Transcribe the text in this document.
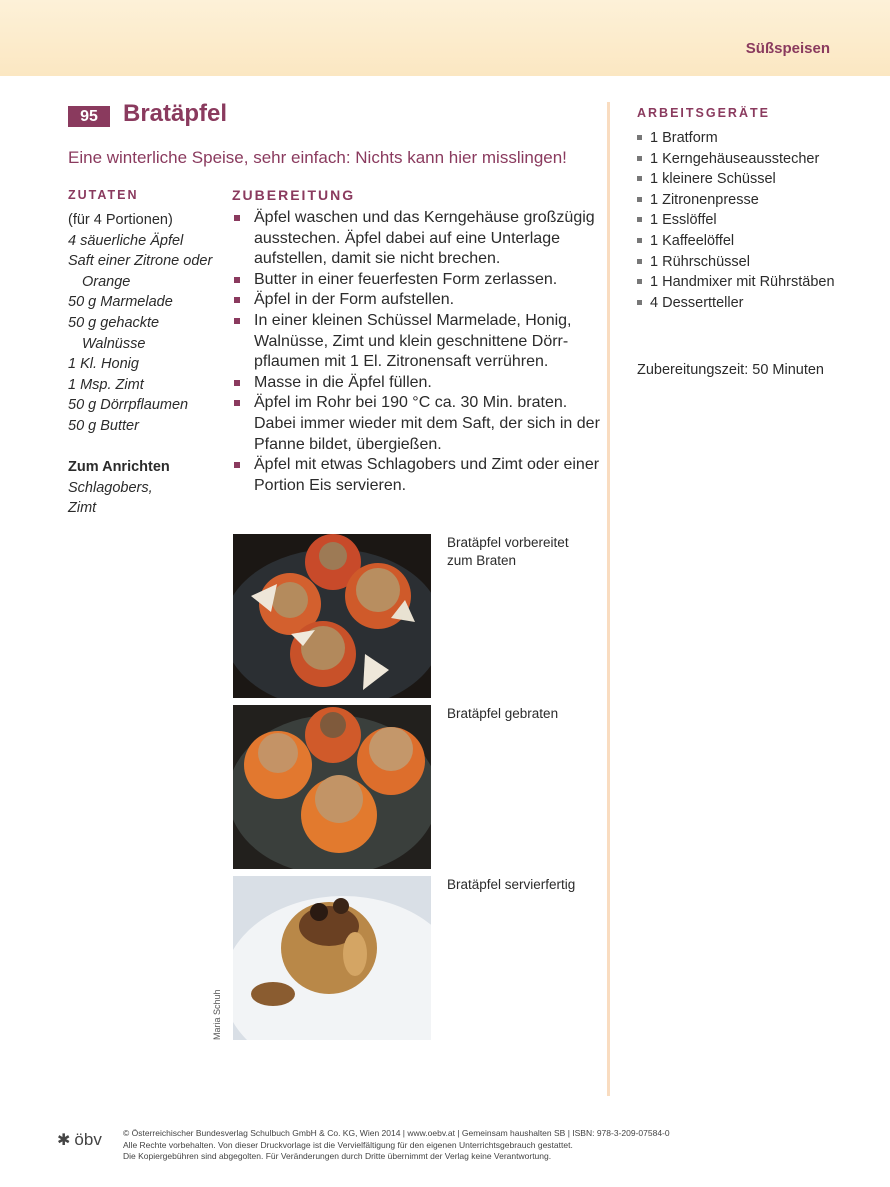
Süßspeisen
95	Bratäpfel
Eine winterliche Speise, sehr einfach: Nichts kann hier misslingen!
ZUTATEN	ZUBEREITUNG
ARBEITSGERÄTE
(für 4 Portionen)
4 säuerliche Äpfel
Saft einer Zitrone oder
Orange
50 g Marmelade
50 g gehackte
Walnüsse
1 Kl. Honig
1 Msp. Zimt
50 g Dörrpflaumen
50 g Butter
Zum Anrichten
Schlagobers,
Zimt
Äpfel waschen und das Kerngehäuse großzügig ausstechen. Äpfel dabei auf eine Unterlage aufstellen, damit sie nicht brechen.
Butter in einer feuerfesten Form zerlassen.
Äpfel in der Form aufstellen.
In einer kleinen Schüssel Marmelade, Honig, Walnüsse, Zimt und klein geschnittene Dörrpflaumen mit 1 El. Zitronensaft verrühren.
Masse in die Äpfel füllen.
Äpfel im Rohr bei 190 °C ca. 30 Min. braten. Dabei immer wieder mit dem Saft, der sich in der Pfanne bildet, übergießen.
Äpfel mit etwas Schlagobers und Zimt oder einer Portion Eis servieren.
1 Bratform
1 Kerngehäuseausstecher
1 kleinere Schüssel
1 Zitronenpresse
1 Esslöffel
1 Kaffeelöffel
1 Rührschüssel
1 Handmixer mit Rührstäben
4 Dessertteller
Zubereitungszeit: 50 Minuten
Bratäpfel vorbereitet zum Braten
Bratäpfel gebraten
Bratäpfel servierfertig
Maria Schuh
✱ öbv © Österreichischer Bundesverlag Schulbuch GmbH & Co. KG, Wien 2014 | www.oebv.at | Gemeinsam haushalten SB | ISBN: 978-3-209-07584-0
Alle Rechte vorbehalten. Von dieser Druckvorlage ist die Vervielfältigung für den eigenen Unterrichtsgebrauch gestattet.
Die Kopiergebühren sind abgegolten. Für Veränderungen durch Dritte übernimmt der Verlag keine Verantwortung.
